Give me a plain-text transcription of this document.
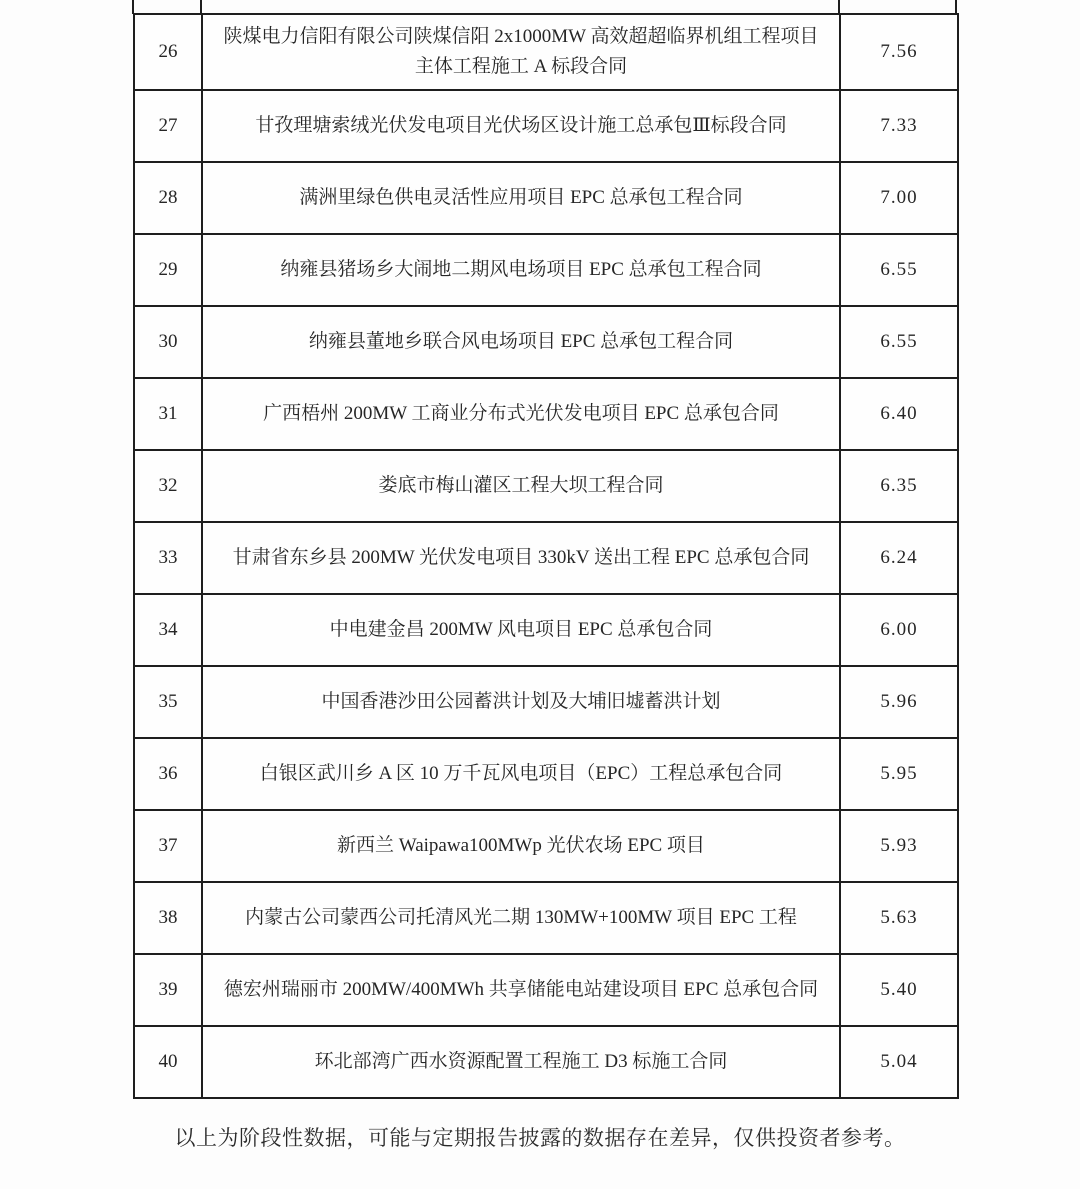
26	陕煤电力信阳有限公司陕煤信阳 2x1000MW 高效超超临界机组工程项目主体工程施工 A 标段合同	7.56
27	甘孜理塘索绒光伏发电项目光伏场区设计施工总承包Ⅲ标段合同	7.33
28	满洲里绿色供电灵活性应用项目 EPC 总承包工程合同	7.00
29	纳雍县猪场乡大闹地二期风电场项目 EPC 总承包工程合同	6.55
30	纳雍县董地乡联合风电场项目 EPC 总承包工程合同	6.55
31	广西梧州 200MW 工商业分布式光伏发电项目 EPC 总承包合同	6.40
32	娄底市梅山灌区工程大坝工程合同	6.35
33	甘肃省东乡县 200MW 光伏发电项目 330kV 送出工程 EPC 总承包合同	6.24
34	中电建金昌 200MW 风电项目 EPC 总承包合同	6.00
35	中国香港沙田公园蓄洪计划及大埔旧墟蓄洪计划	5.96
36	白银区武川乡 A 区 10 万千瓦风电项目（EPC）工程总承包合同	5.95
37	新西兰 Waipawa100MWp 光伏农场 EPC 项目	5.93
38	内蒙古公司蒙西公司托清风光二期 130MW+100MW 项目 EPC 工程	5.63
39	德宏州瑞丽市 200MW/400MWh 共享储能电站建设项目 EPC 总承包合同	5.40
40	环北部湾广西水资源配置工程施工 D3 标施工合同	5.04

以上为阶段性数据，可能与定期报告披露的数据存在差异，仅供投资者参考。
